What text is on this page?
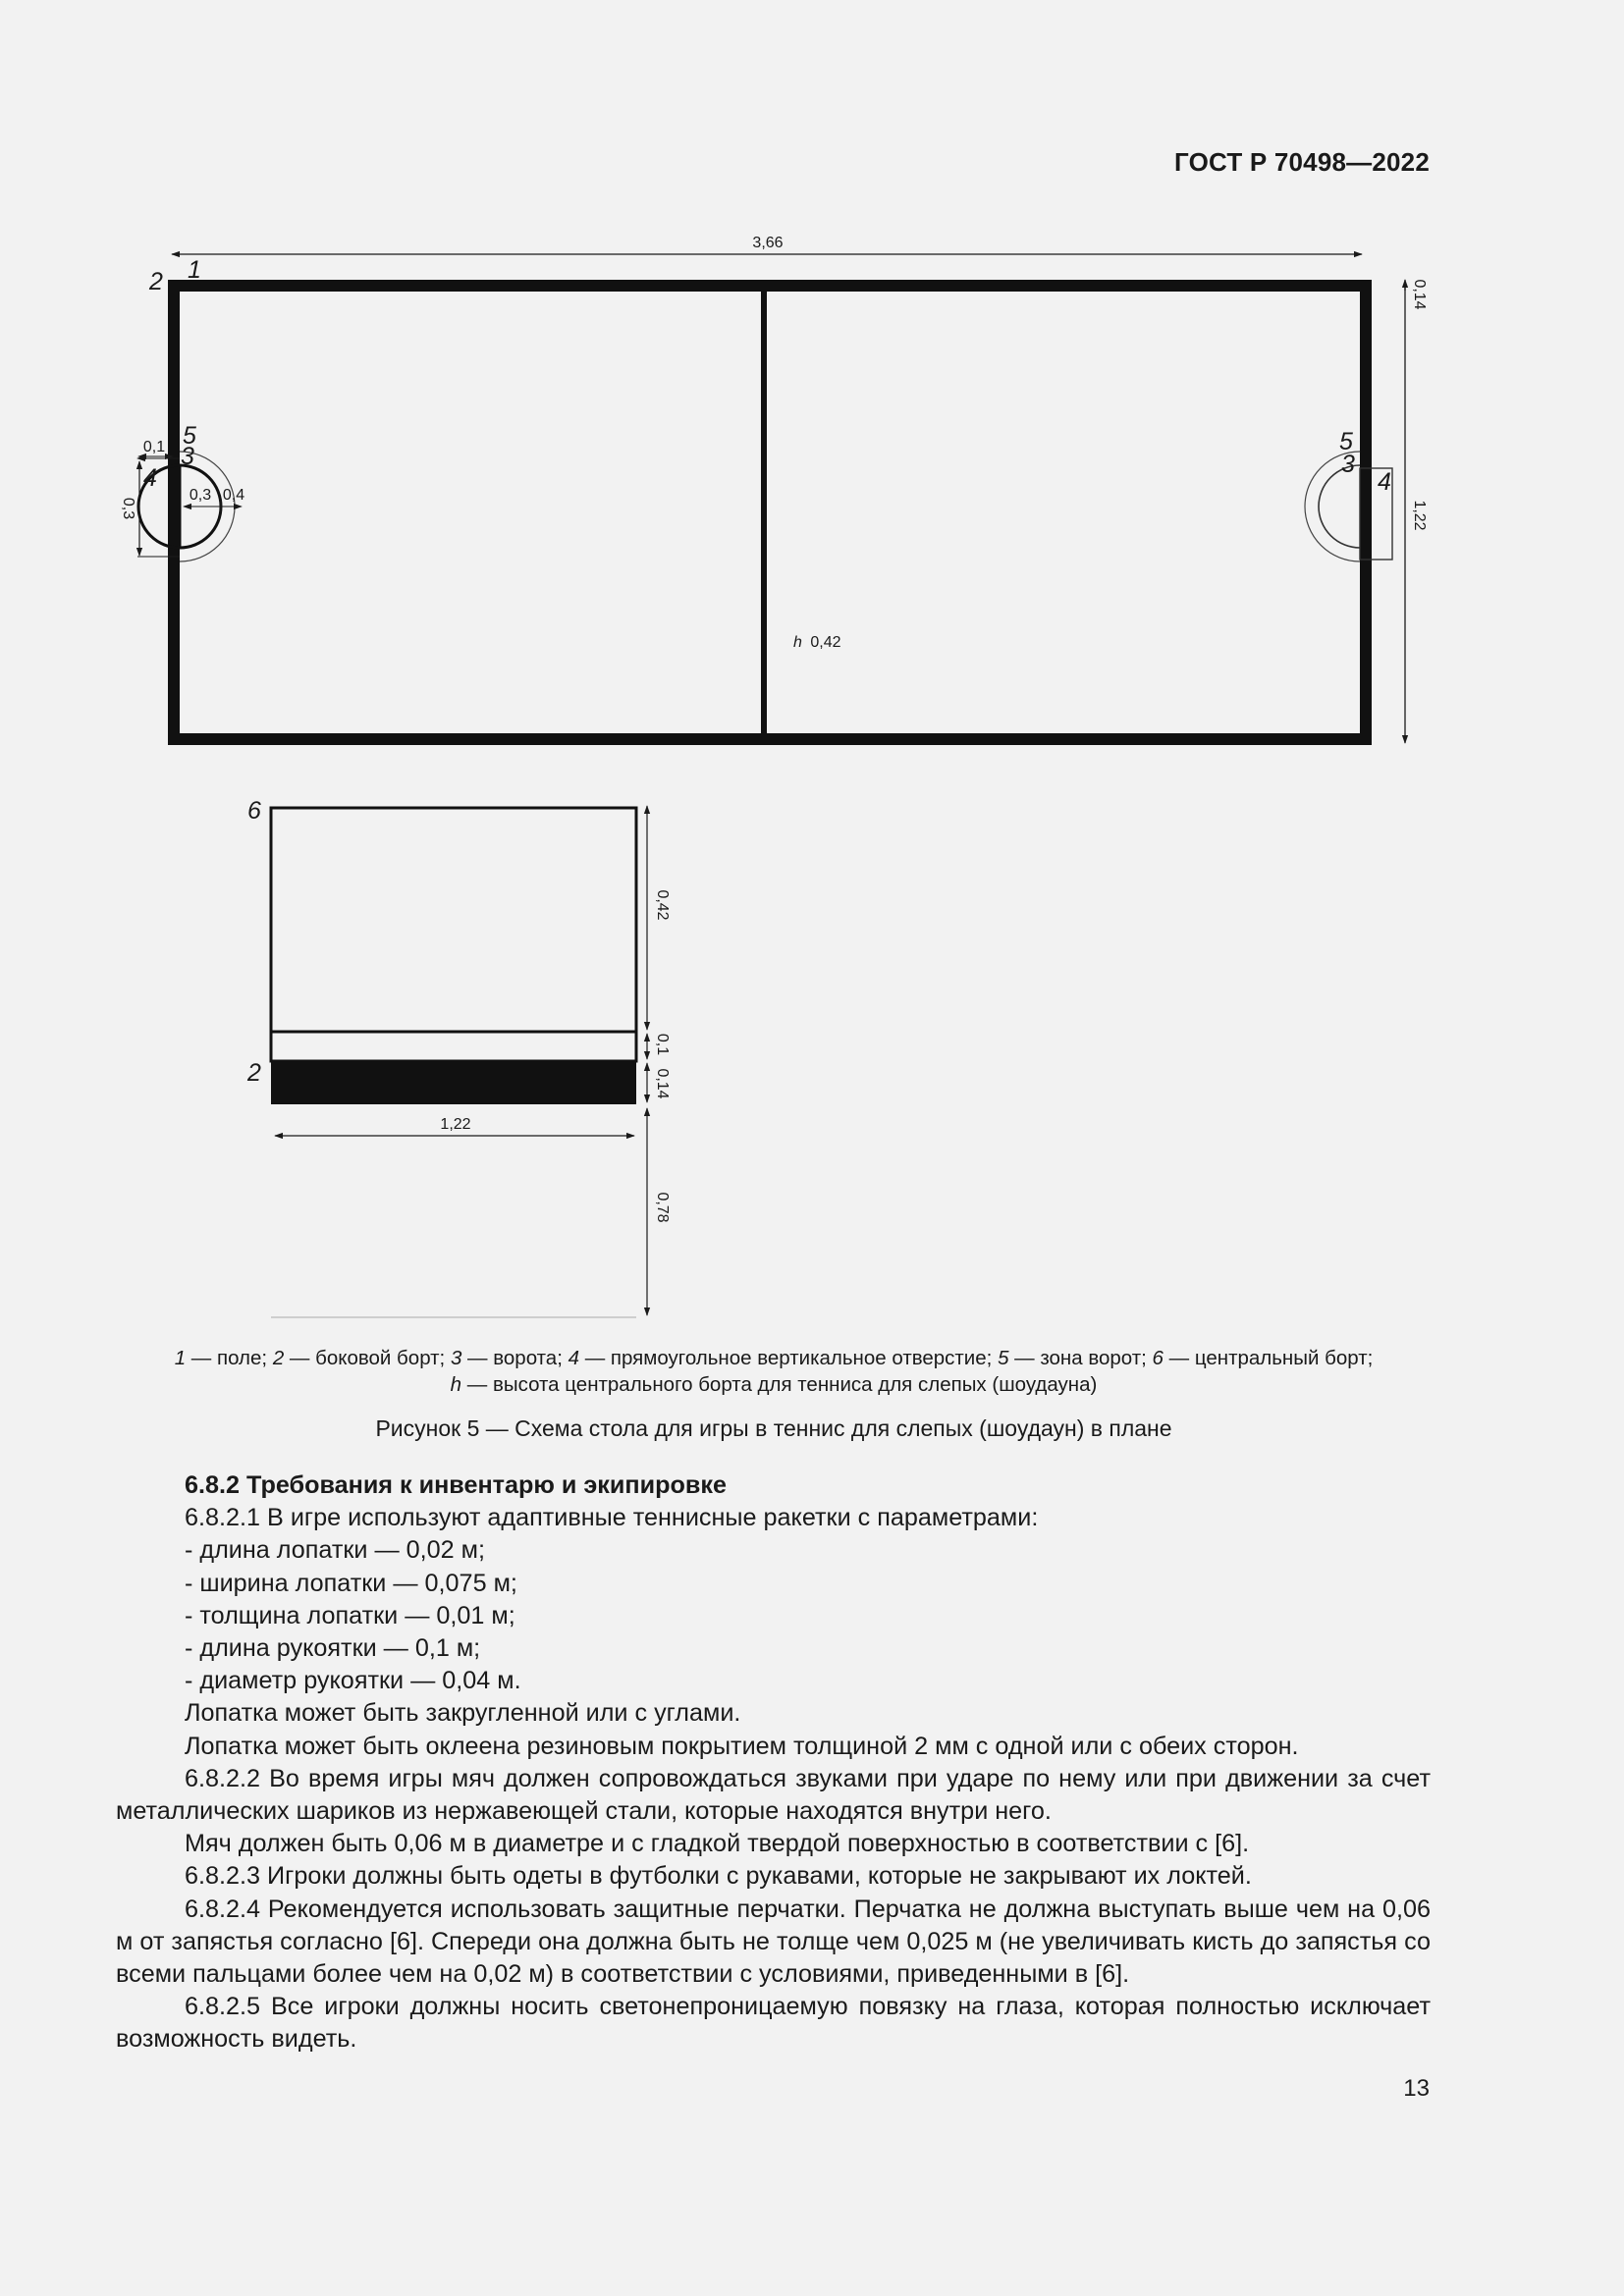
ГОСТ Р 70498—2022
3,66
0,14
1,22
2 1
0,3
0,1
0,3 0,4
5
3
4
5
3
4
h 0,42
6
2
0,42
0,1
0,14
1,22
0,78
1 — поле; 2 — боковой борт; 3 — ворота; 4 — прямоугольное вертикальное отверстие; 5 — зона ворот; 6 — центральный борт;
h — высота центрального борта для тенниса для слепых (шоудауна)
Рисунок 5 — Схема стола для игры в теннис для слепых (шоудаун) в плане

6.8.2 Требования к инвентарю и экипировке

6.8.2.1 В игре используют адаптивные теннисные ракетки с параметрами:

- длина лопатки — 0,02 м;

- ширина лопатки — 0,075 м;

- толщина лопатки — 0,01 м;

- длина рукоятки — 0,1 м;

- диаметр рукоятки — 0,04 м.

Лопатка может быть закругленной или с углами.

Лопатка может быть оклеена резиновым покрытием толщиной 2 мм с одной или с обеих сторон.

6.8.2.2 Во время игры мяч должен сопровождаться звуками при ударе по нему или при движении за счет металлических шариков из нержавеющей стали, которые находятся внутри него.

Мяч должен быть 0,06 м в диаметре и с гладкой твердой поверхностью в соответствии с [6].

6.8.2.3 Игроки должны быть одеты в футболки с рукавами, которые не закрывают их локтей.

6.8.2.4 Рекомендуется использовать защитные перчатки. Перчатка не должна выступать выше чем на 0,06 м от запястья согласно [6]. Спереди она должна быть не толще чем 0,025 м (не увеличивать кисть до запястья со всеми пальцами более чем на 0,02 м) в соответствии с условиями, приведенными в [6].

6.8.2.5 Все игроки должны носить светонепроницаемую повязку на глаза, которая полностью исключает возможность видеть.

13
